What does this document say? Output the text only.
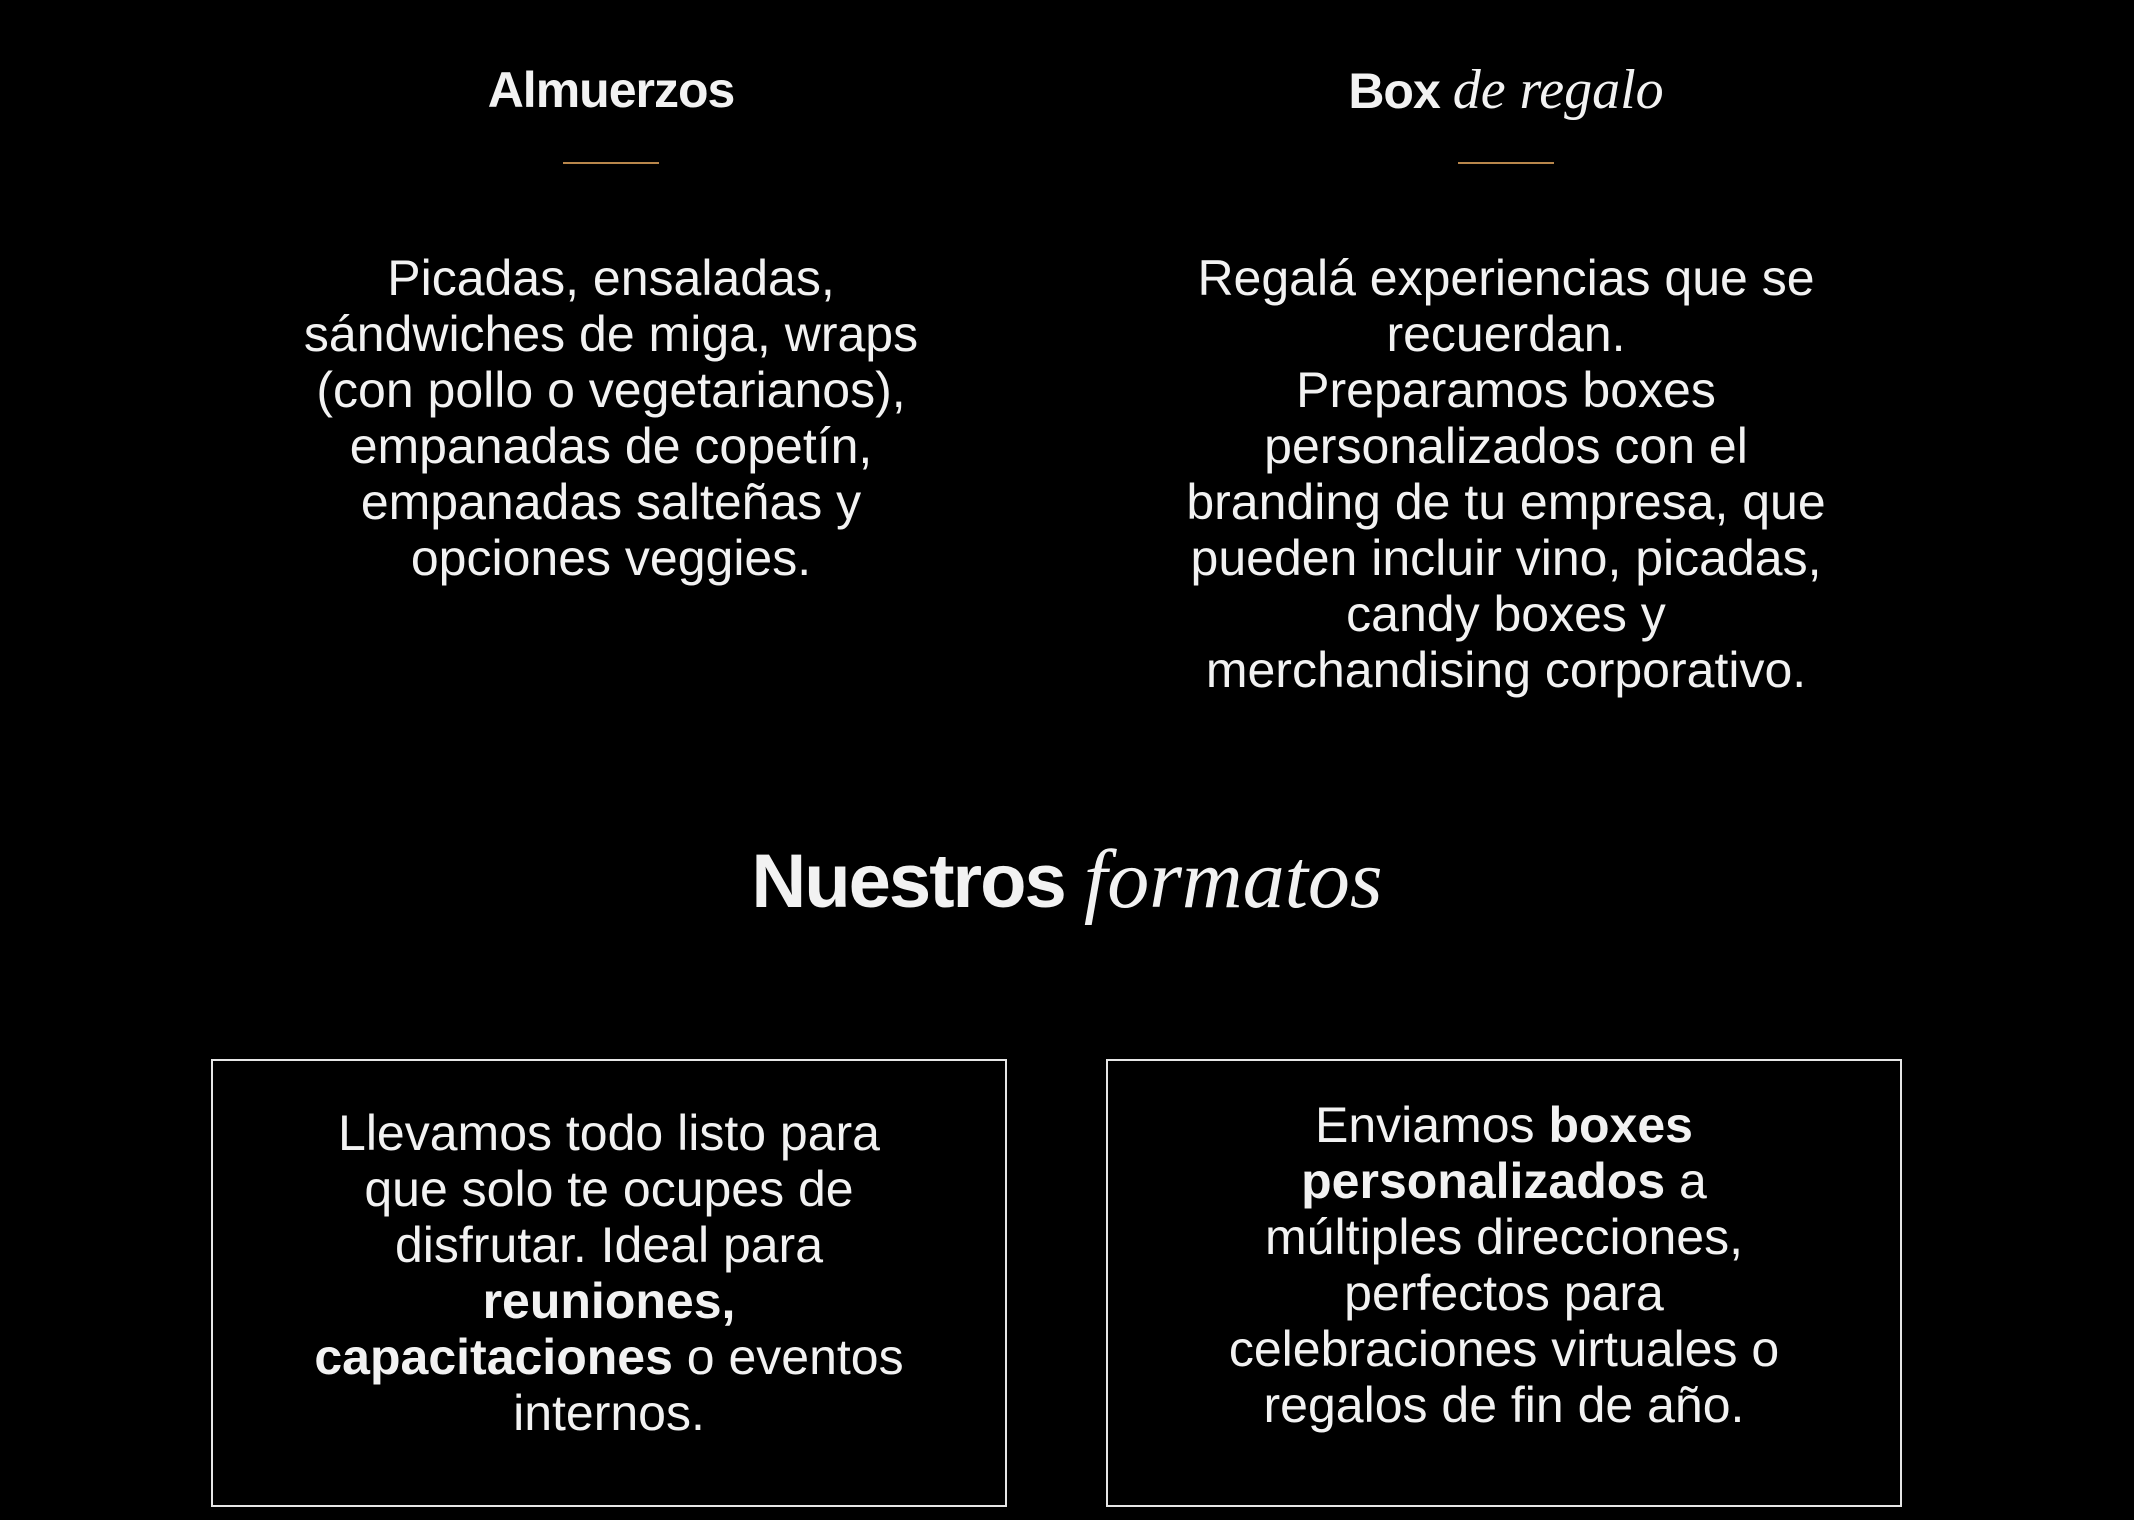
Almuerzos

Picadas, ensaladas,

sándwiches de miga, wraps

(con pollo o vegetarianos),

empanadas de copetín,

empanadas salteñas y

opciones veggies.

Box de regalo

Regalá experiencias que se

recuerdan.

Preparamos boxes

personalizados con el

branding de tu empresa, que

pueden incluir vino, picadas,

candy boxes y

merchandising corporativo.

Nuestros formatos
Llevamos todo listo para
que solo te ocupes de
disfrutar. Ideal para
reuniones,
capacitaciones o eventos
internos.
Enviamos boxes
personalizados a
múltiples direcciones,
perfectos para
celebraciones virtuales o
regalos de fin de año.
